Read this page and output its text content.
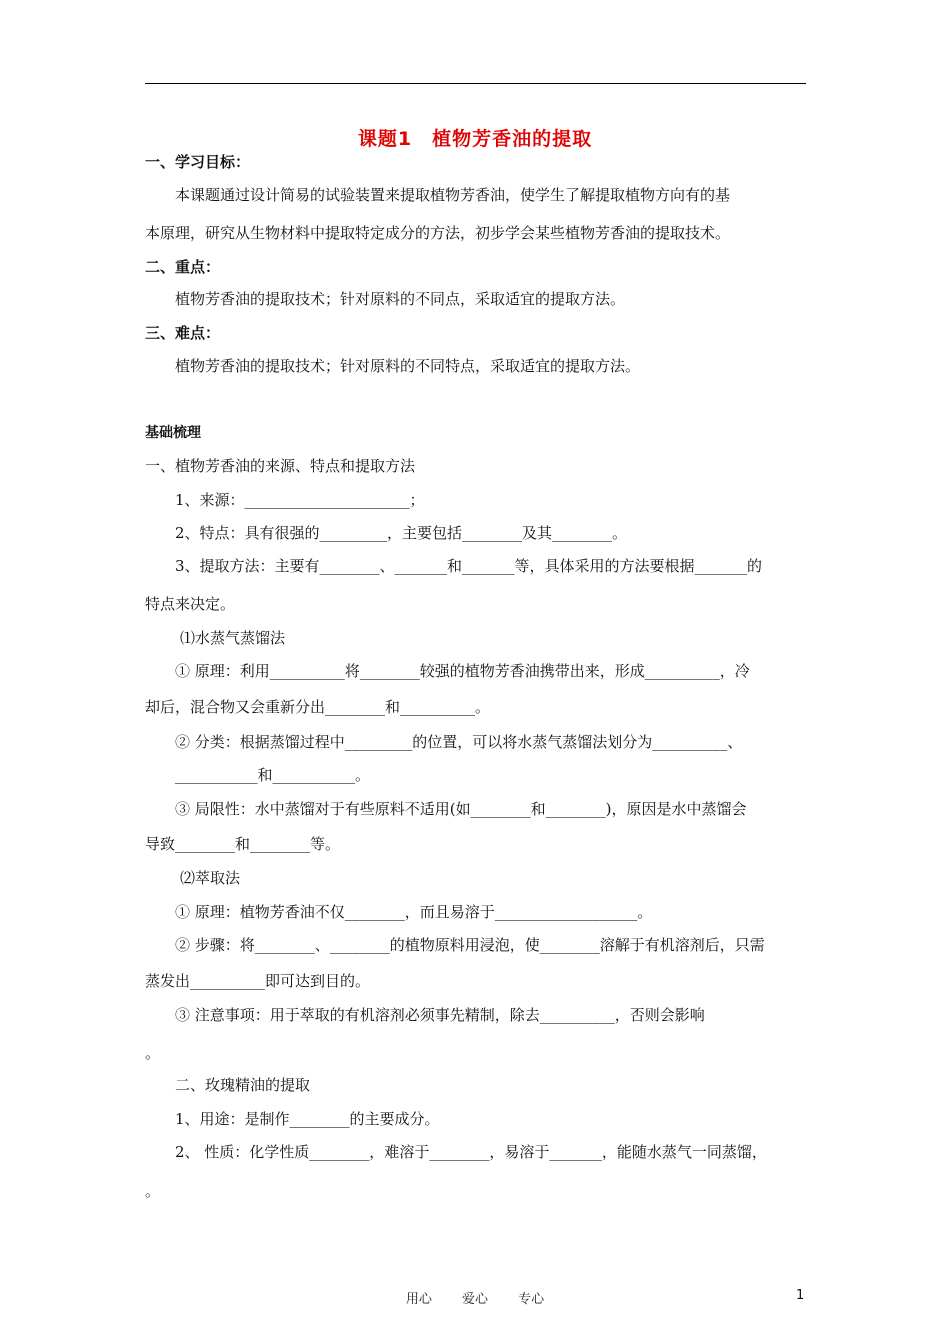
课题1　植物芳香油的提取
一、学习目标：
本课题通过设计简易的试验装置来提取植物芳香油，使学生了解提取植物方向有的基
本原理，研究从生物材料中提取特定成分的方法，初步学会某些植物芳香油的提取技术。
二、重点：
植物芳香油的提取技术；针对原料的不同点，采取适宜的提取方法。
三、难点：
植物芳香油的提取技术；针对原料的不同特点，采取适宜的提取方法。
基础梳理
一、植物芳香油的来源、特点和提取方法
1、来源：______________________；
2、特点：具有很强的_________，主要包括________及其________。
3、提取方法：主要有________、_______和_______等，具体采用的方法要根据_______的
特点来决定。
⑴水蒸气蒸馏法
① 原理：利用__________将________较强的植物芳香油携带出来，形成__________，冷
却后，混合物又会重新分出________和__________。
② 分类：根据蒸馏过程中_________的位置，可以将水蒸气蒸馏法划分为__________、
___________和___________。
③ 局限性：水中蒸馏对于有些原料不适用(如________和________)，原因是水中蒸馏会
导致________和________等。
⑵萃取法
① 原理：植物芳香油不仅________，而且易溶于___________________。
② 步骤：将________、________的植物原料用浸泡，使________溶解于有机溶剂后，只需
蒸发出__________即可达到目的。
③ 注意事项：用于萃取的有机溶剂必须事先精制，除去__________，否则会影响
。
二、玫瑰精油的提取
1、用途：是制作________的主要成分。
2、 性质：化学性质________，难溶于________，易溶于_______，能随水蒸气一同蒸馏，
。
用心 爱心 专心	1
